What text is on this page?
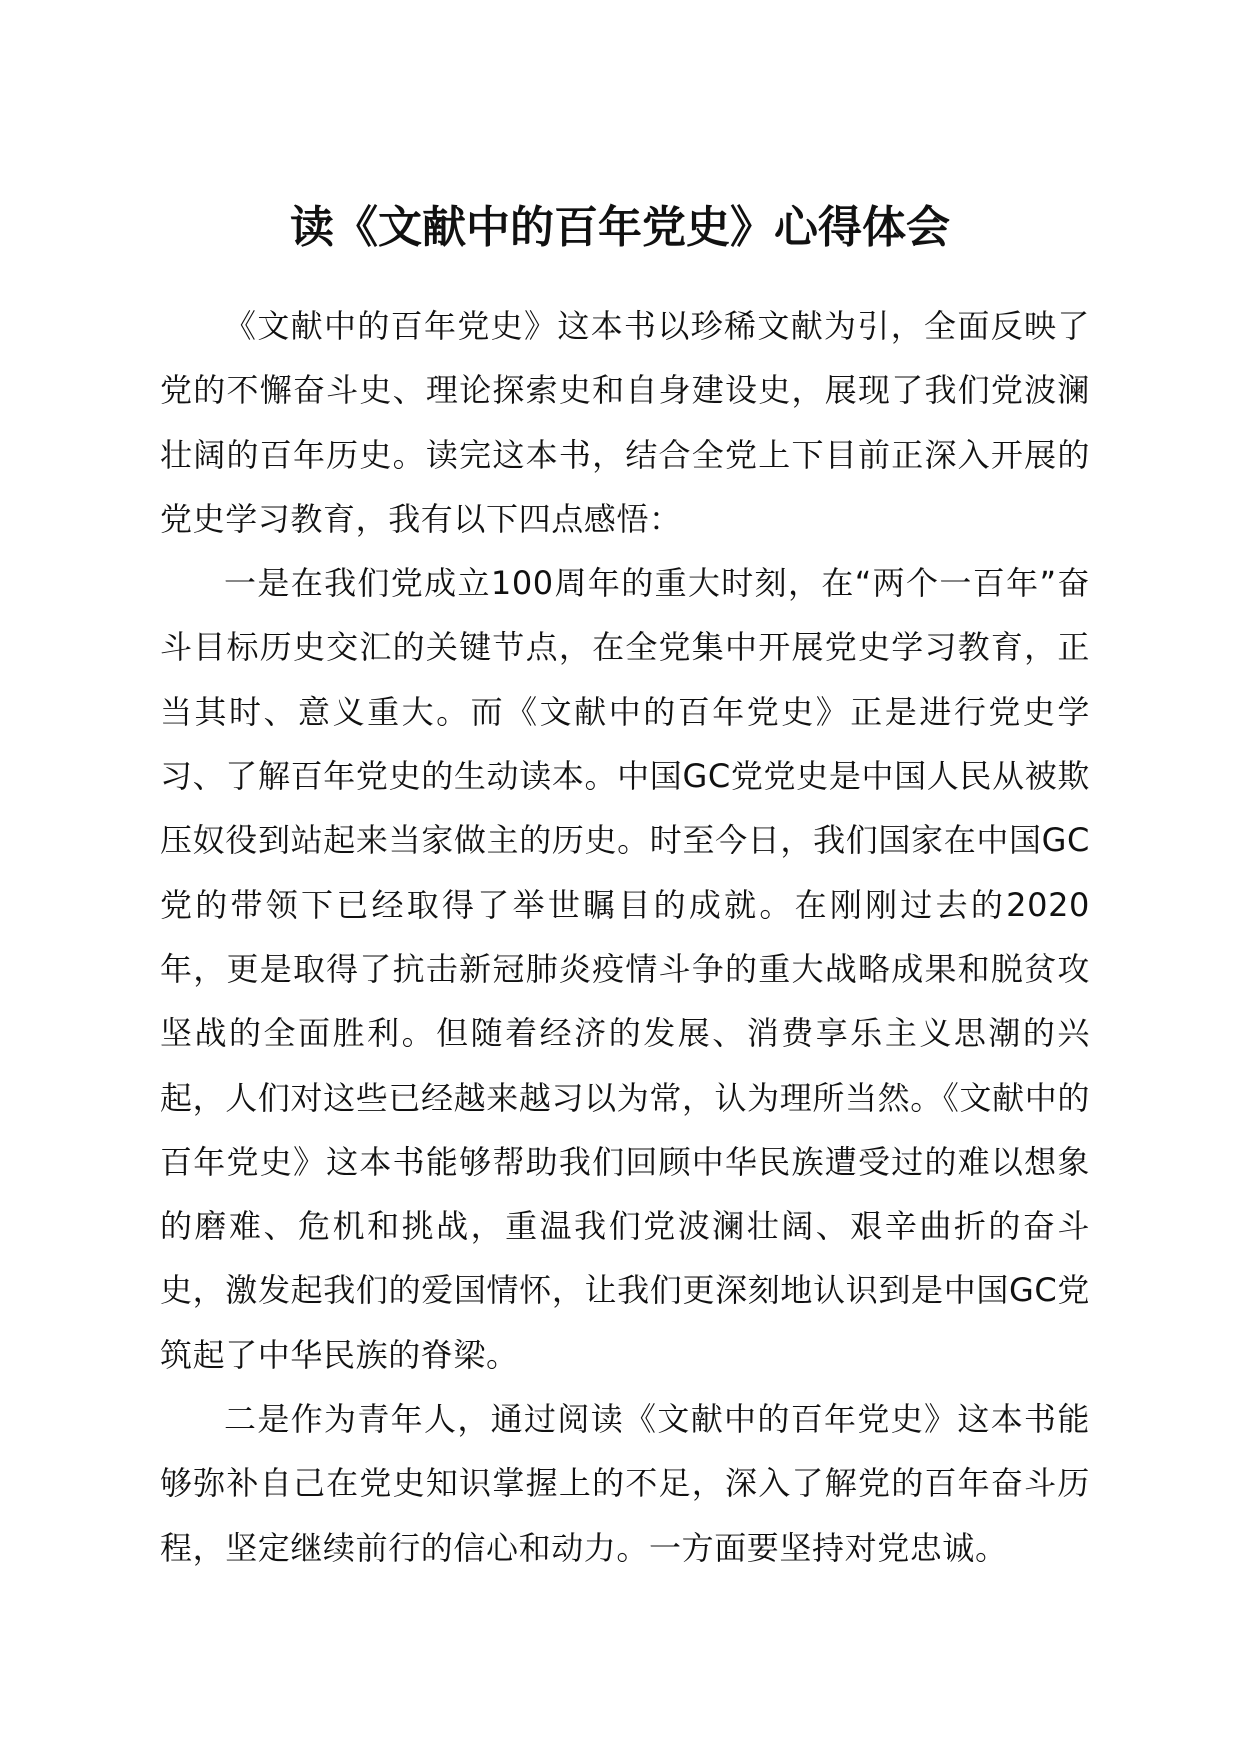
读《文献中的百年党史》心得体会

《文献中的百年党史》这本书以珍稀文献为引，全面反映了党的不懈奋斗史、理论探索史和自身建设史，展现了我们党波澜壮阔的百年历史。读完这本书，结合全党上下目前正深入开展的党史学习教育，我有以下四点感悟：

一是在我们党成立100周年的重大时刻，在“两个一百年”奋斗目标历史交汇的关键节点，在全党集中开展党史学习教育，正当其时、意义重大。而《文献中的百年党史》正是进行党史学习、了解百年党史的生动读本。中国GC党党史是中国人民从被欺压奴役到站起来当家做主的历史。时至今日，我们国家在中国GC党的带领下已经取得了举世瞩目的成就。在刚刚过去的2020年，更是取得了抗击新冠肺炎疫情斗争的重大战略成果和脱贫攻坚战的全面胜利。但随着经济的发展、消费享乐主义思潮的兴起，人们对这些已经越来越习以为常，认为理所当然。《文献中的百年党史》这本书能够帮助我们回顾中华民族遭受过的难以想象的磨难、危机和挑战，重温我们党波澜壮阔、艰辛曲折的奋斗史，激发起我们的爱国情怀，让我们更深刻地认识到是中国GC党筑起了中华民族的脊梁。

二是作为青年人，通过阅读《文献中的百年党史》这本书能够弥补自己在党史知识掌握上的不足，深入了解党的百年奋斗历程，坚定继续前行的信心和动力。一方面要坚持对党忠诚。
